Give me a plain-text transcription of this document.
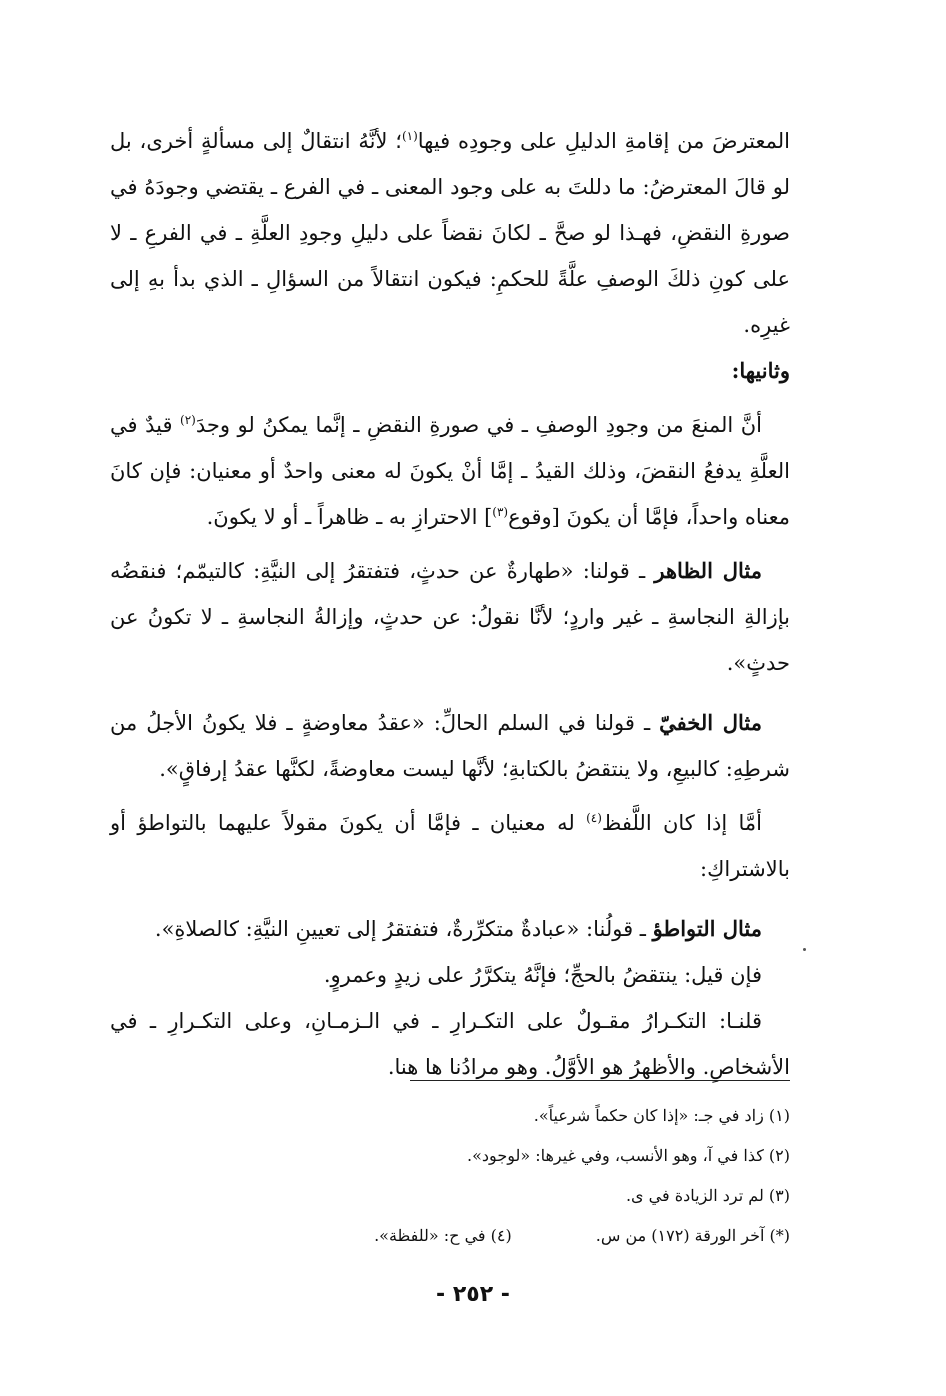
المعترضَ من إقامةِ الدليلِ على وجودِه فيها$^{(١)}$؛ لأنَّهُ انتقالٌ إلى مسألةٍ أخرى، بل لو قالَ المعترضُ: ما دللتَ به على وجود المعنى ـ في الفرع ـ يقتضي وجودَهُ في صورةِ النقضِ، فهـذا لو صحَّ ـ لكانَ نقضاً على دليلِ وجودِ العلَّةِ ـ في الفرعِ ـ لا على كونِ ذلكَ الوصفِ علَّةً للحكمِ: فيكون انتقالاً من السؤالِ ـ الذي بدأ بهِ إلى غيرِه.

وثانيها:

أنَّ المنعَ من وجودِ الوصفِ ـ في صورةِ النقضِ ـ إنَّما يمكنُ لو وجدَ$^{(٢)}$ قيدٌ في العلَّةِ يدفعُ النقضَ، وذلك القيدُ ـ إمَّا أنْ يكونَ له معنى واحدٌ أو معنيان: فإن كانَ معناه واحداً، فإمَّا أن يكونَ [وقوع$^{(٣)}$] الاحترازِ به ـ ظاهراً ـ أو لا يكونَ.

مثال الظاهر ـ قولنا: «طهارةٌ عن حدثٍ، فتفتقرُ إلى النيَّةِ: كالتيمّم؛ فنقضُه بإزالةِ النجاسةِ ـ غير واردٍ؛ لأنَّا نقولُ: عن حدثٍ، وإزالةُ النجاسةِ ـ لا تكونُ عن حدثٍ».

مثال الخفيّ ـ قولنا في السلم الحالِّ: «عقدُ معاوضةٍ ـ فلا يكونُ الأجلُ من شرطِهِ: كالبيعِ، ولا ينتقضُ بالكتابةِ؛ لأنَّها ليست معاوضةً، لكنَّها عقدُ إرفاقٍ».

أمَّا إذا كان اللَّفظ$^{(٤)}$ له معنيان ـ فإمَّا أن يكونَ مقولاً عليهما بالتواطؤ أو بالاشتراكِ:

مثال التواطؤ ـ قولُنا: «عبادةٌ متكرِّرةٌ، فتفتقرُ إلى تعيينِ النيَّةِ: كالصلاةِ».

فإن قيل: ينتقضُ بالحجِّ؛ فإنَّهُ يتكرَّرُ على زيدٍ وعمروٍ.

قلنـا: التكـرارُ مقـولٌ على التكـرارِ ـ في الـزمـانِ، وعلى التكـرارِ ـ في الأشخاصِ. والأظهرُ هو الأوَّلُ. وهو مرادُنا ها هنا.

(١) زاد في جـ: «إذا كان حكماً شرعياً».

(٢) كذا في آ، وهو الأنسب، وفي غيرها: «لوجود».

(٣) لم ترد الزيادة في ى.

(*) آخر الورقة (١٧٢) من س.
(٤) في ح: «للفظة».
- ٢٥٢ -
